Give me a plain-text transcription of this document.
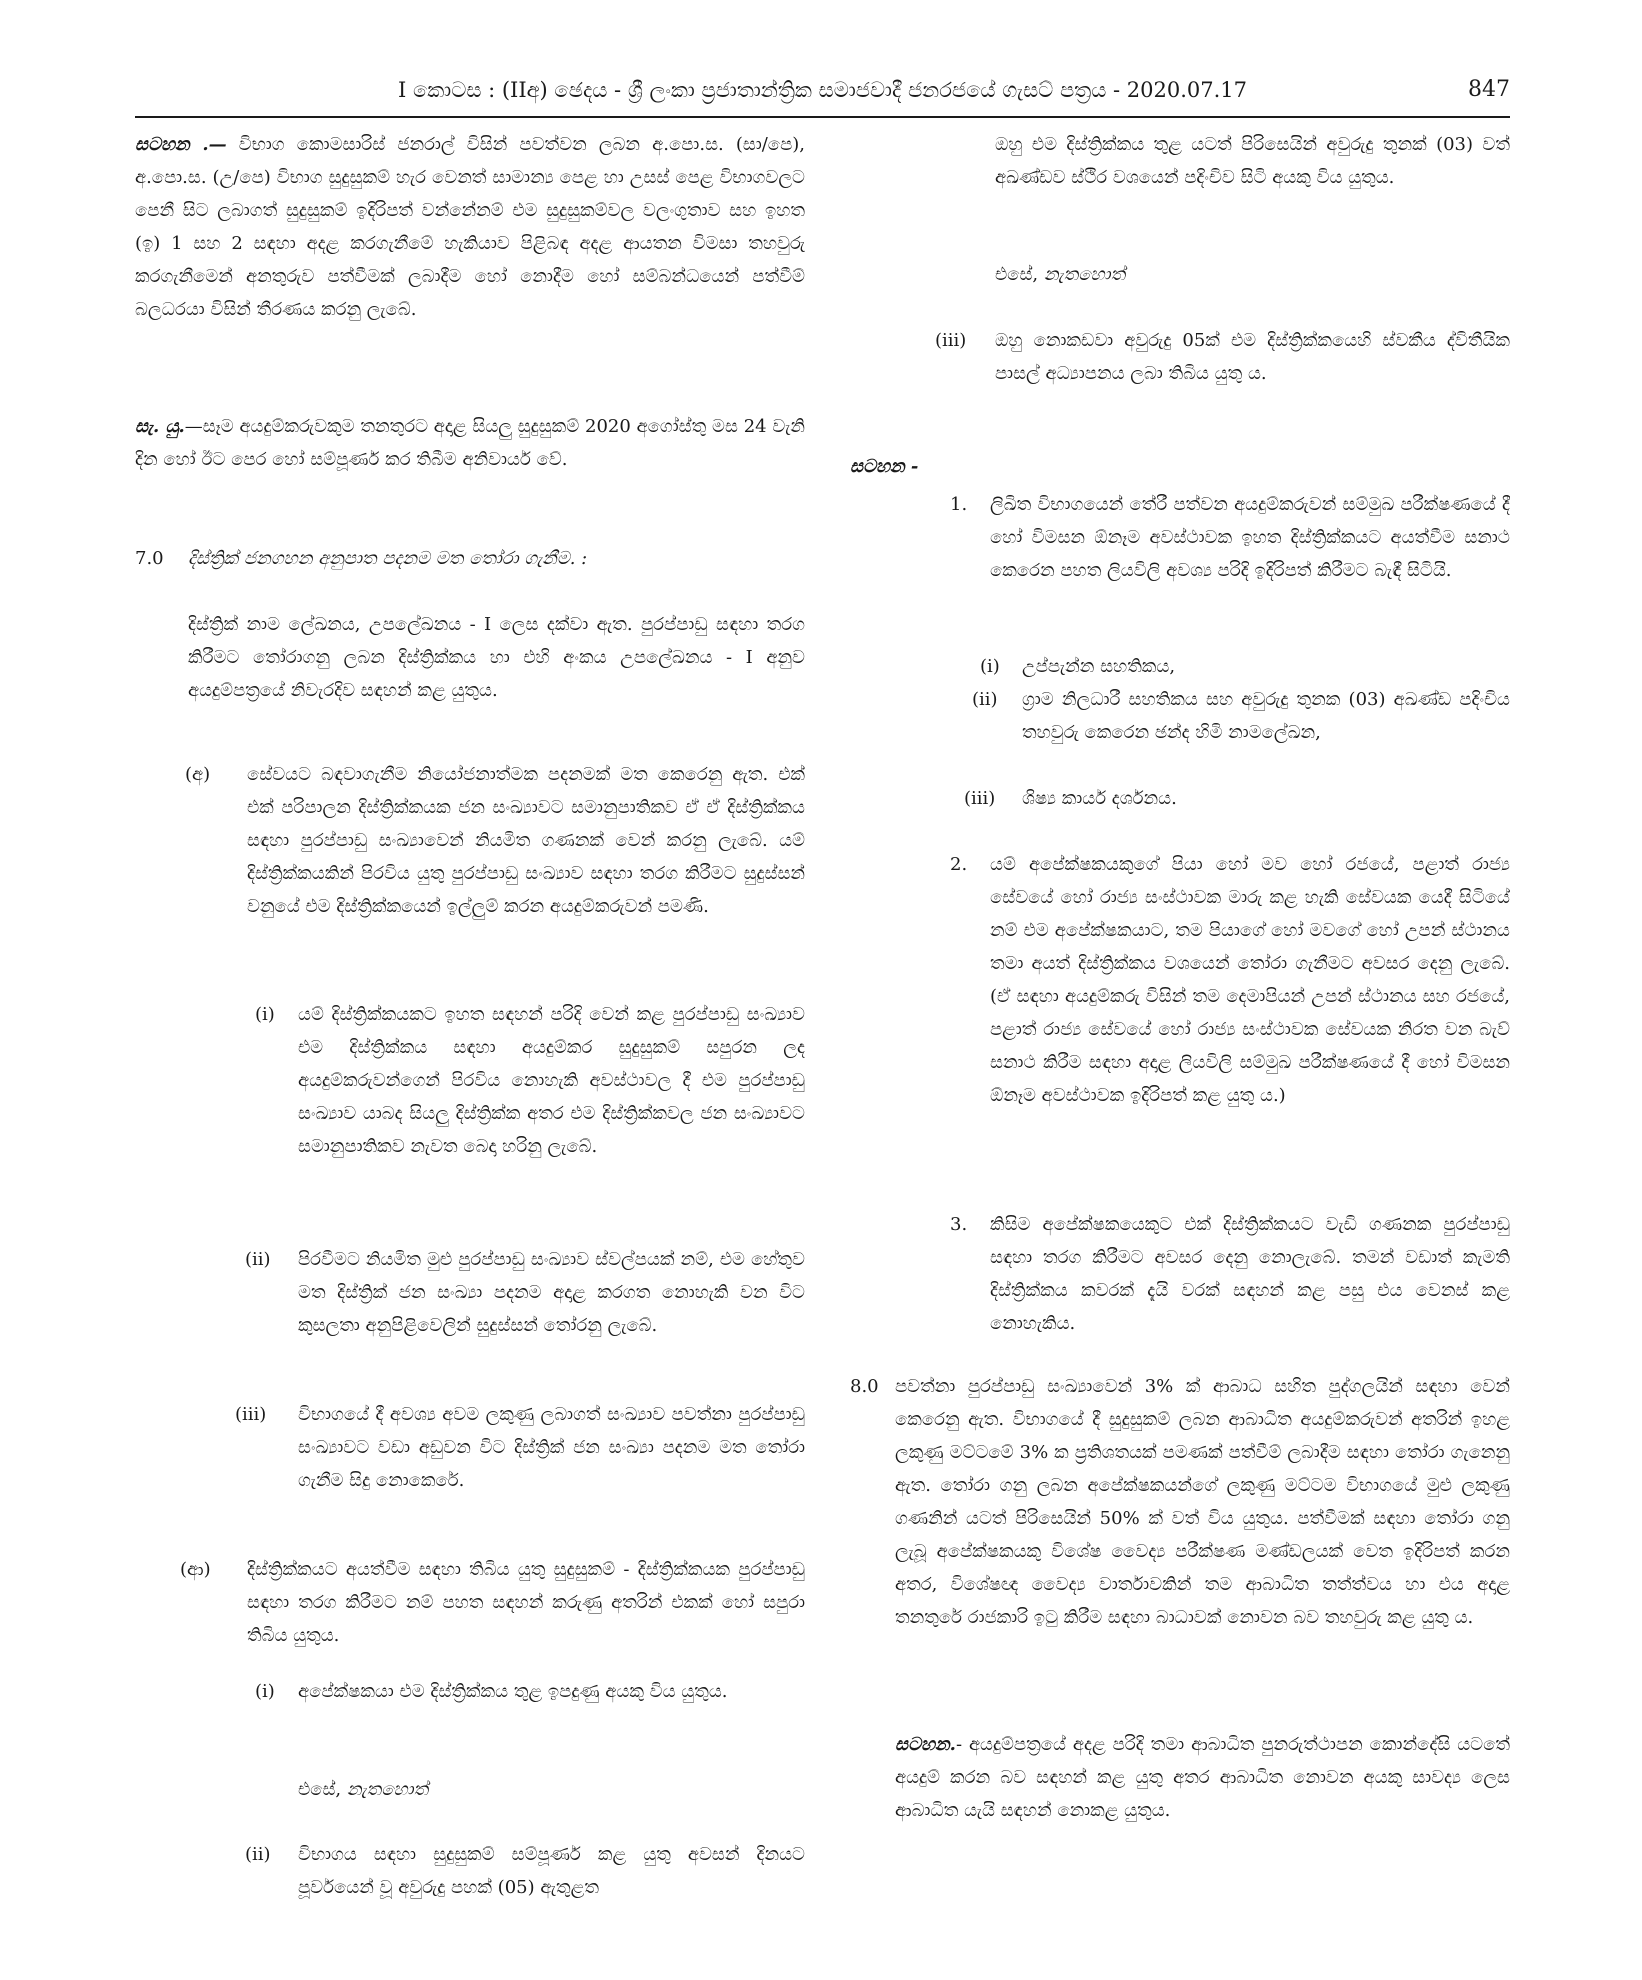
I කොටස : (IIඅ) ඡෙදය - ශ්‍රී ලංකා ප්‍රජාතාන්ත්‍රික සමාජවාදී ජනරජයේ ගැසට් පත්‍රය - 2020.07.17	847

සටහන .— විභාග කොමසාරිස් ජනරාල් විසින් පවත්වන ලබන අ.පො.ස. (සා/පෙ), අ.පො.ස. (උ/පෙ) විභාග සුදුසුකම් හැර වෙනත් සාමාන්‍ය පෙළ හා උසස් පෙළ විභාගවලට පෙනී සිට ලබාගත් සුදුසුකම් ඉදිරිපත් වන්නේනම් එම සුදුසුකම්වල වලංගුතාව සහ ඉහත (ඉ) 1 සහ 2 සඳහා අදළ කරගැනීමේ හැකියාව පිළිබඳ අදළ ආයතන විමසා තහවුරු කරගැනීමෙන් අනතුරුව පත්වීමක් ලබාදීම හෝ නොදීම හෝ සම්බන්ධයෙන් පත්වීම් බලධරයා විසින් තීරණය කරනු ලැබේ.

සැ. යු.—සෑම අයදුම්කරුවකුම තනතුරට අදාළ සියලු සුදුසුකම් 2020 අගෝස්තු මස 24 වැනි දින හෝ ඊට පෙර හෝ සම්පූර්ණ කර තිබීම අනිවාර්ය වේ.

7.0 දිස්ත්‍රික් ජනගහන අනුපාත පදනම මත තෝරා ගැනීම. :
දිස්ත්‍රික් නාම ලේඛනය, උපලේඛනය - I ලෙස දක්වා ඇත. පුරප්පාඩු සඳහා තරග කිරීමට තෝරාගනු ලබන දිස්ත්‍රික්කය හා එහි අංකය උපලේඛනය - I අනුව අයදුම්පත්‍රයේ නිවැරදිව සඳහන් කළ යුතුය.
(අ) සේවයට බඳවාගැනීම නියෝජනාත්මක පදනමක් මත කෙරෙනු ඇත. එක් එක් පරිපාලන දිස්ත්‍රික්කයක ජන සංඛ්‍යාවට සමානුපාතිකව ඒ ඒ දිස්ත්‍රික්කය සඳහා පුරප්පාඩු සංඛ්‍යාවෙන් නියමිත ගණනක් වෙන් කරනු ලැබේ. යම් දිස්ත්‍රික්කයකින් පිරවිය යුතු පුරප්පාඩු සංඛ්‍යාව සඳහා තරග කිරීමට සුදුස්සන් වනුයේ එම දිස්ත්‍රික්කයෙන් ඉල්ලුම් කරන අයදුම්කරුවන් පමණි.
(i) යම් දිස්ත්‍රික්කයකට ඉහත සඳහන් පරිදි වෙන් කළ පුරප්පාඩු සංඛ්‍යාව එම දිස්ත්‍රික්කය සඳහා අයදුම්කර සුදුසුකම් සපුරන ලද අයදුම්කරුවන්ගෙන් පිරවිය නොහැකි අවස්ථාවල දී එම පුරප්පාඩු සංඛ්‍යාව යාබද සියලු දිස්ත්‍රික්ක අතර එම දිස්ත්‍රික්කවල ජන සංඛ්‍යාවට සමානුපාතිකව නැවත බෙදා හරිනු ලැබේ.
(ii) පිරවීමට නියමිත මුළු පුරප්පාඩු සංඛ්‍යාව ස්වල්පයක් නම්, එම හේතුව මත දිස්ත්‍රික් ජන සංඛ්‍යා පදනම අදාළ කරගත නොහැකි වන විට කුසලතා අනුපිළිවෙලින් සුදුස්සන් තෝරනු ලැබේ.
(iii) විභාගයේ දී අවශ්‍ය අවම ලකුණු ලබාගත් සංඛ්‍යාව පවත්නා පුරප්පාඩු සංඛ්‍යාවට වඩා අඩුවන විට දිස්ත්‍රික් ජන සංඛ්‍යා පදනම මත තෝරා ගැනීම සිදු නොකෙරේ.
(ආ) දිස්ත්‍රික්කයට අයත්වීම සඳහා තිබිය යුතු සුදුසුකම් - දිස්ත්‍රික්කයක පුරප්පාඩු සඳහා තරග කිරීමට නම් පහත සඳහන් කරුණු අතරින් එකක් හෝ සපුරා තිබිය යුතුය.
(i) අපේක්ෂකයා එම දිස්ත්‍රික්කය තුළ ඉපදුණු අයකු විය යුතුය.
එසේ, නැතහොත්
(ii) විභාගය සඳහා සුදුසුකම් සම්පූර්ණ කළ යුතු අවසන් දිනයට පූර්වයෙන් වූ අවුරුදු පහක් (05) ඇතුළත
ඔහු එම දිස්ත්‍රික්කය තුළ යටත් පිරිසෙයින් අවුරුදු තුනක් (03) වත් අඛණ්ඩව ස්ථිර වශයෙන් පදිංචිව සිටි අයකු විය යුතුය.
එසේ, නැතහොත්
(iii) ඔහු නොකඩවා අවුරුදු 05ක් එම දිස්ත්‍රික්කයෙහි ස්වකීය ද්විතීයික පාසල් අධ්‍යාපනය ලබා තිබිය යුතු ය.
සටහන -
1. ලිඛිත විභාගයෙන් තේරී පත්වන අයදුම්කරුවන් සම්මුඛ පරීක්ෂණයේ දී හෝ විමසන ඕනෑම අවස්ථාවක ඉහත දිස්ත්‍රික්කයට අයත්වීම සනාථ කෙරෙන පහත ලියවිලි අවශ්‍ය පරිදි ඉදිරිපත් කිරීමට බැඳී සිටියි.
(i) උප්පැන්න සහතිකය,
(ii) ග්‍රාම නිලධාරී සහතිකය සහ අවුරුදු තුනක (03) අඛණ්ඩ පදිංචිය තහවුරු කෙරෙන ඡන්ද හිමි නාමලේඛන,
(iii) ශිෂ්‍ය කාර්ය දර්ශනය.
2. යම් අපේක්ෂකයකුගේ පියා හෝ මව හෝ රජයේ, පළාත් රාජ්‍ය සේවයේ හෝ රාජ්‍ය සංස්ථාවක මාරු කළ හැකි සේවයක යෙදී සිටියේ නම් එම අපේක්ෂකයාට, තම පියාගේ හෝ මවගේ හෝ උපන් ස්ථානය තමා අයත් දිස්ත්‍රික්කය වශයෙන් තෝරා ගැනීමට අවසර දෙනු ලැබේ. (ඒ සඳහා අයදුම්කරු විසින් තම දෙමාපියන් උපන් ස්ථානය සහ රජයේ, පළාත් රාජ්‍ය සේවයේ හෝ රාජ්‍ය සංස්ථාවක සේවයක නිරත වන බැව් සනාථ කිරීම සඳහා අදාළ ලියවිලි සම්මුඛ පරීක්ෂණයේ දී හෝ විමසන ඕනෑම අවස්ථාවක ඉදිරිපත් කළ යුතු ය.)
3. කිසිම අපේක්ෂකයෙකුට එක් දිස්ත්‍රික්කයට වැඩි ගණනක පුරප්පාඩු සඳහා තරග කිරීමට අවසර දෙනු නොලැබේ. තමන් වඩාත් කැමති දිස්ත්‍රික්කය කවරක් දැයි වරක් සඳහන් කළ පසු එය වෙනස් කළ නොහැකිය.
8.0 පවත්නා පුරප්පාඩු සංඛ්‍යාවෙන් 3% ක් ආබාධ සහිත පුද්ගලයින් සඳහා වෙන් කෙරෙනු ඇත. විභාගයේ දී සුදුසුකම් ලබන ආබාධිත අයදුම්කරුවන් අතරින් ඉහළ ලකුණු මට්ටමේ 3% ක ප්‍රතිශතයක් පමණක් පත්වීම් ලබාදීම සඳහා තෝරා ගැනෙනු ඇත. තෝරා ගනු ලබන අපේක්ෂකයන්ගේ ලකුණු මට්ටම විභාගයේ මුළු ලකුණු ගණනින් යටත් පිරිසෙයින් 50% ක් වත් විය යුතුය. පත්වීමක් සඳහා තෝරා ගනු ලැබූ අපේක්ෂකයකු විශේෂ වෛද්‍ය පරීක්ෂණ මණ්ඩලයක් වෙත ඉදිරිපත් කරන අතර, විශේෂඥ වෛද්‍ය වාර්තාවකින් තම ආබාධිත තත්ත්වය හා එය අදාළ තනතුරේ රාජකාරි ඉටු කිරීම සඳහා බාධාවක් නොවන බව තහවුරු කළ යුතු ය.

සටහන.- අයදුම්පත්‍රයේ අදළ පරිදි තමා ආබාධිත පුනරුත්ථාපන කොන්දේසි යටතේ අයදුම් කරන බව සඳහන් කළ යුතු අතර ආබාධිත නොවන අයකු සාවද්‍ය ලෙස ආබාධිත යැයි සඳහන් නොකළ යුතුය.
